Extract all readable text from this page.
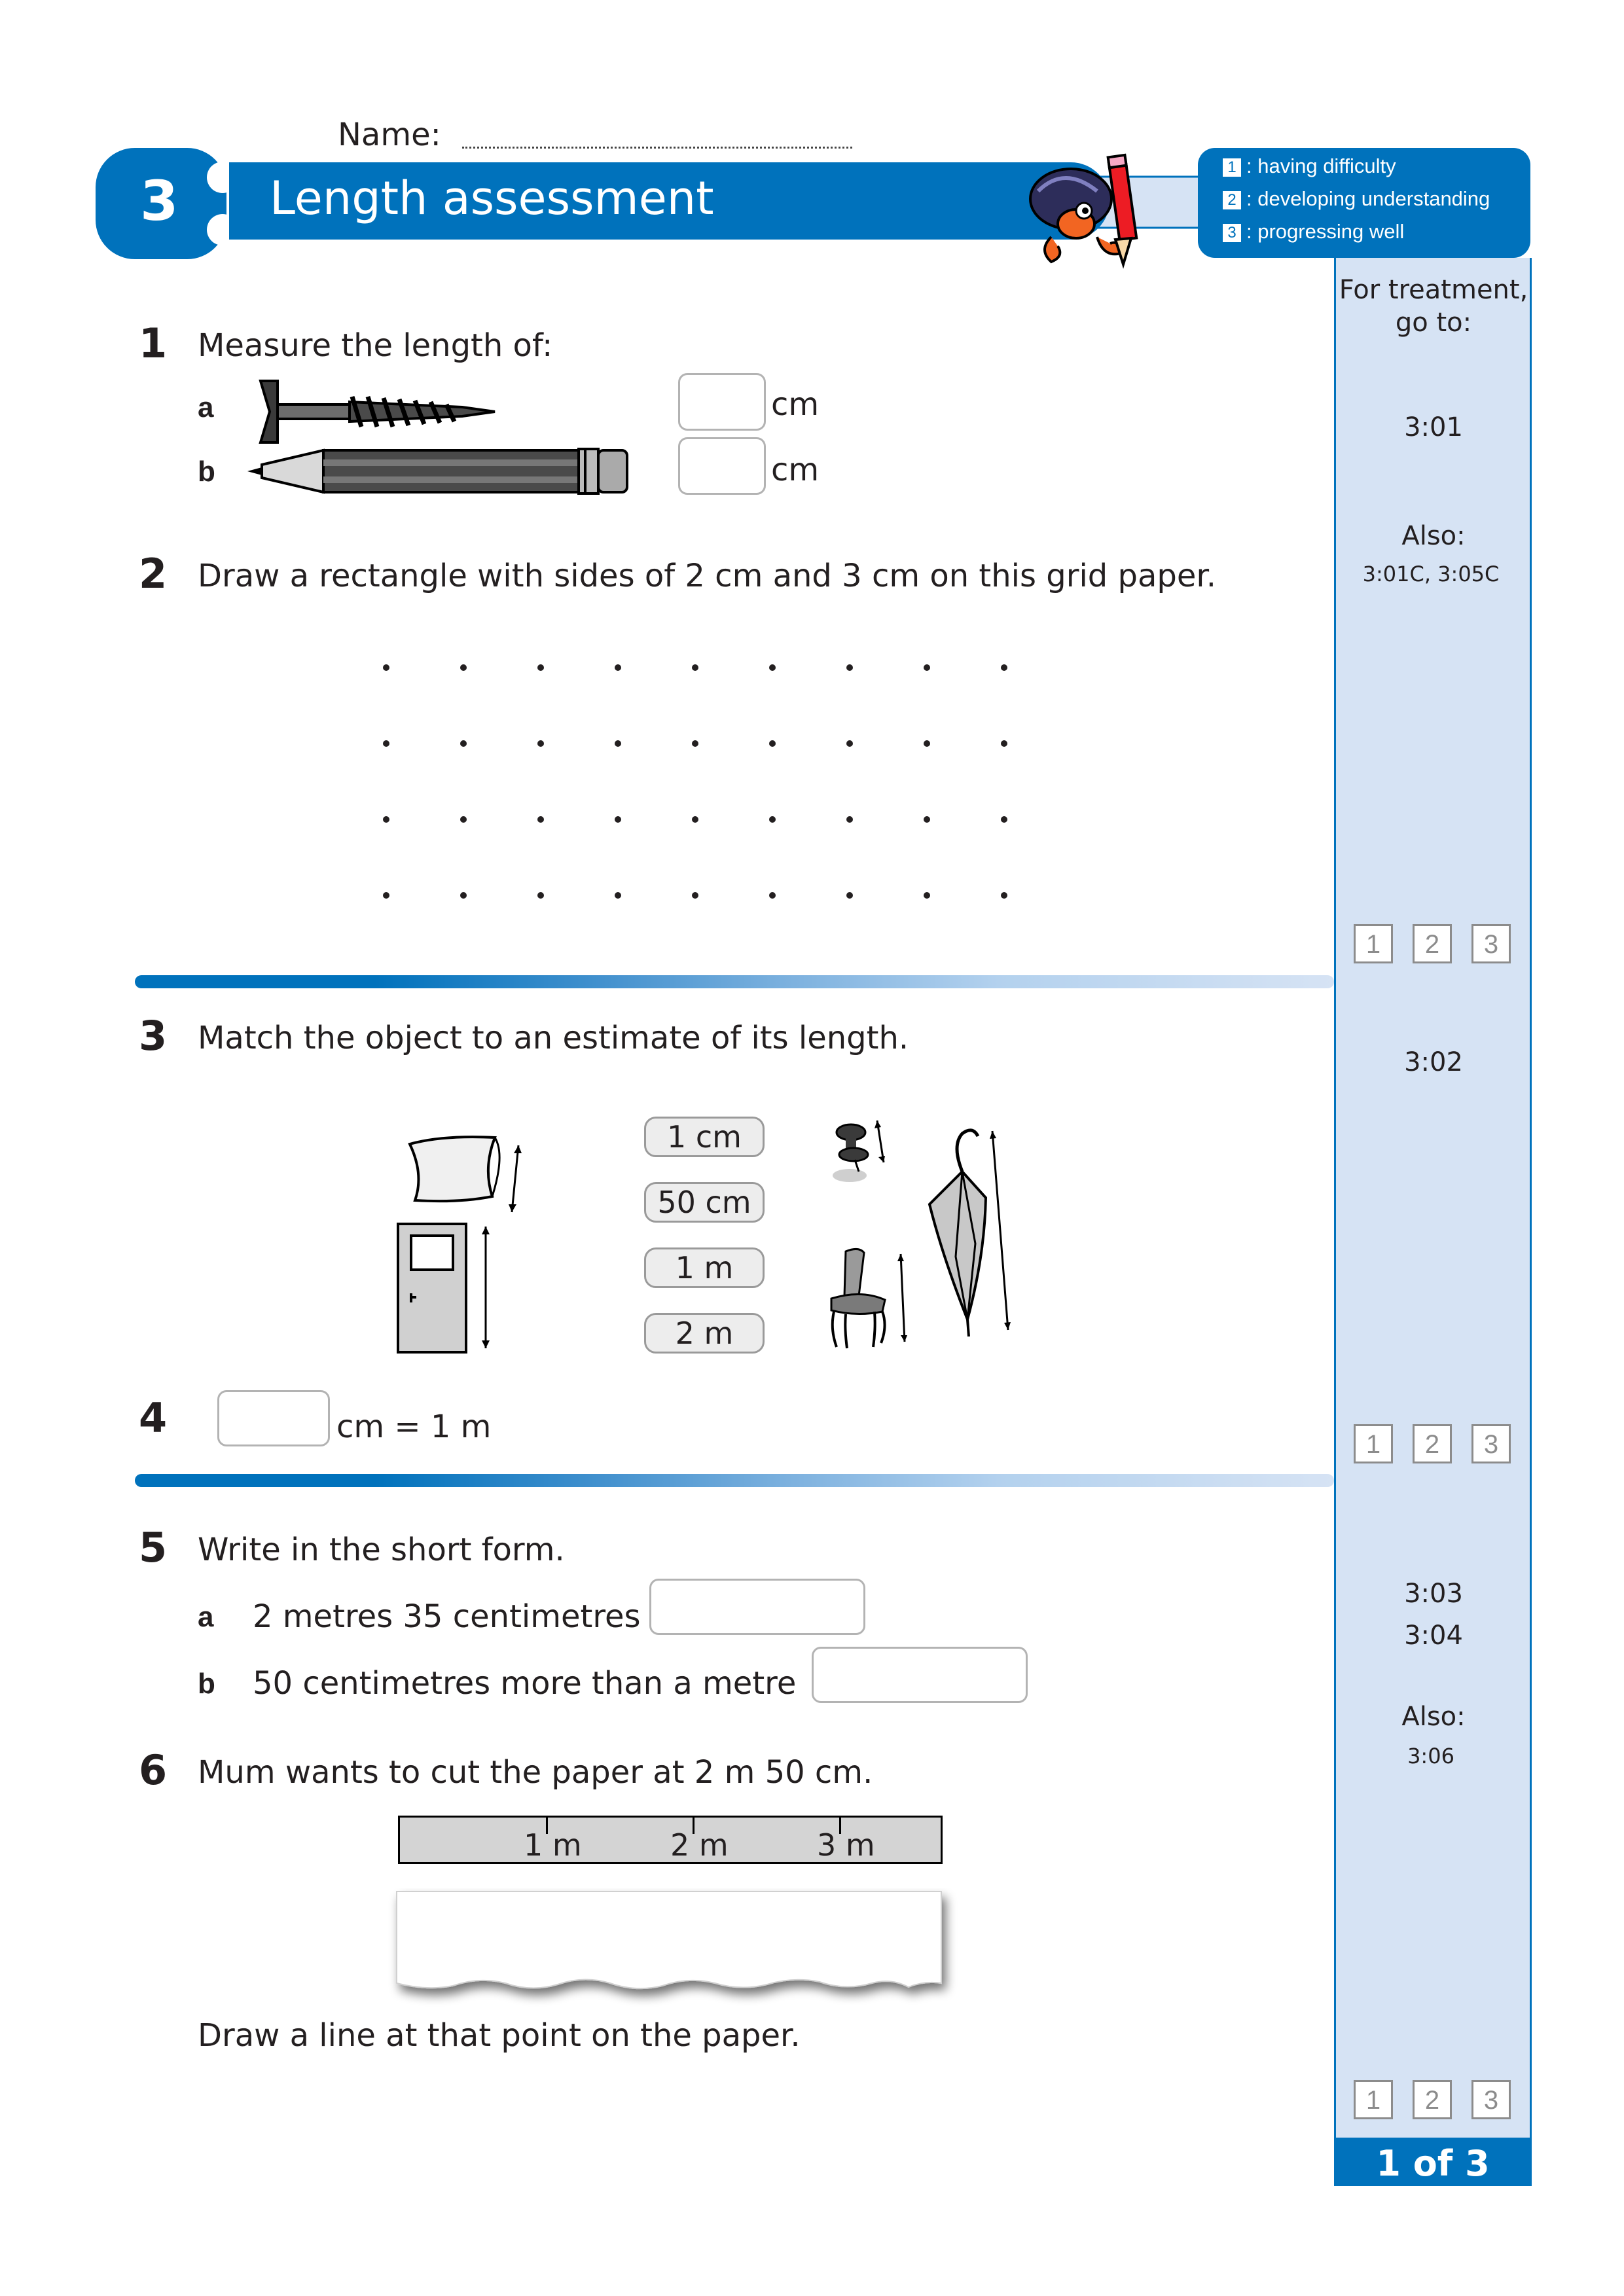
Name:
3 Length assessment
1 : having difficulty
2 : developing understanding
3 : progressing well
For treatment, go to:
3:01
Also:
3:01C, 3:05C
1	2	3
3:02
1	2	3
3:03
3:04
Also:
3:06
1	2	3
1 of 3
1 Measure the length of:
a	cm
b	cm
2 Draw a rectangle with sides of 2 cm and 3 cm on this grid paper.
3 Match the object to an estimate of its length.
1 cm
50 cm
1 m
2 m
4	cm = 1 m
5 Write in the short form.
a 2 metres 35 centimetres
b 50 centimetres more than a metre
6 Mum wants to cut the paper at 2 m 50 cm.
1 m	2 m	3 m
Draw a line at that point on the paper.
